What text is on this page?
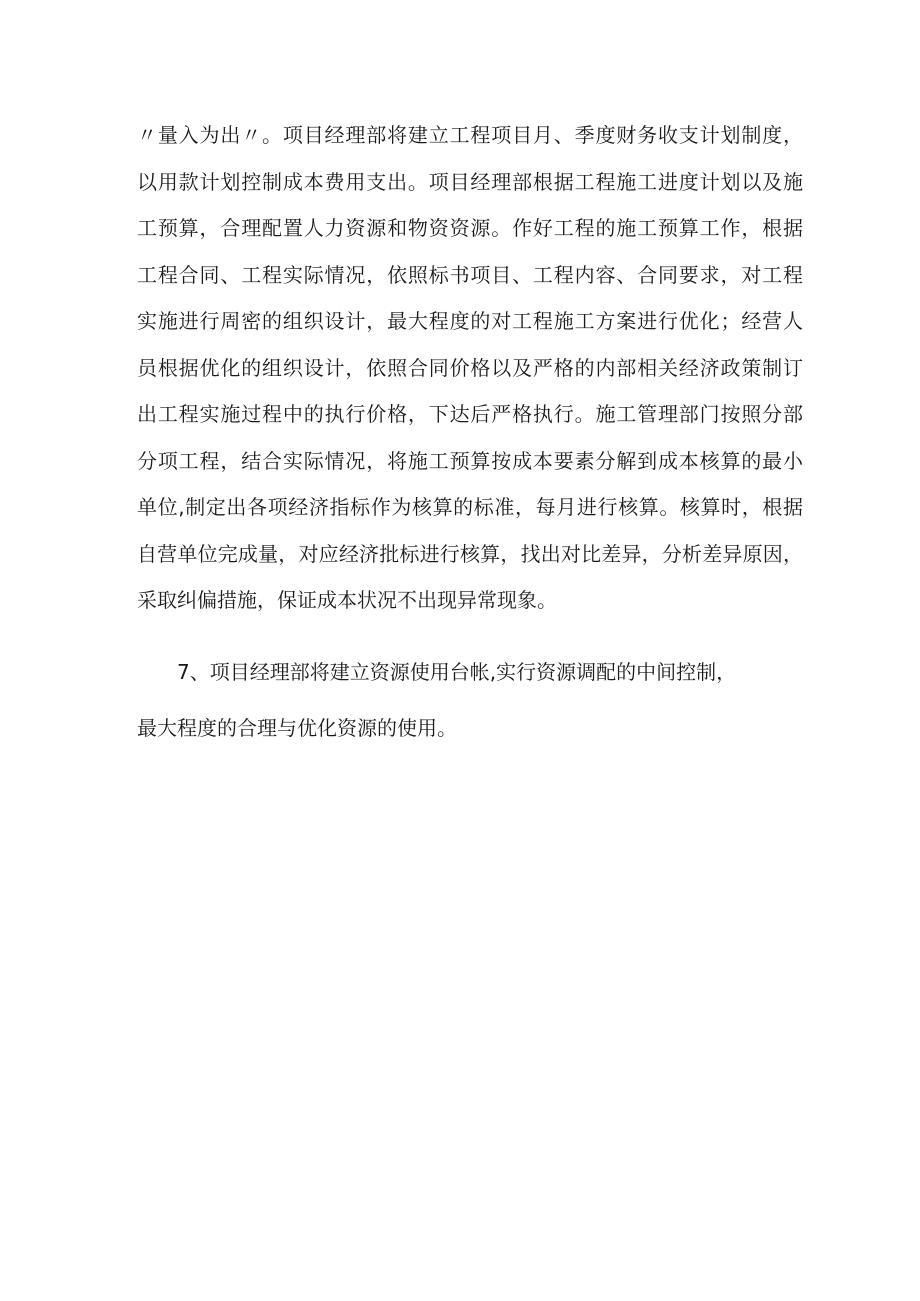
〃量入为出〃。项目经理部将建立工程项目月、季度财务收支计划制度，
以用款计划控制成本费用支出。项目经理部根据工程施工进度计划以及施
工预算，合理配置人力资源和物资资源。作好工程的施工预算工作，根据
工程合同、工程实际情况，依照标书项目、工程内容、合同要求，对工程
实施进行周密的组织设计，最大程度的对工程施工方案进行优化；经营人
员根据优化的组织设计，依照合同价格以及严格的内部相关经济政策制订
出工程实施过程中的执行价格，下达后严格执行。施工管理部门按照分部
分项工程，结合实际情况，将施工预算按成本要素分解到成本核算的最小
单位,制定出各项经济指标作为核算的标准，每月进行核算。核算时，根据
自营单位完成量，对应经济批标进行核算，找出对比差异，分析差异原因，
采取纠偏措施，保证成本状况不出现异常现象。
7、项目经理部将建立资源使用台帐,实行资源调配的中间控制，
最大程度的合理与优化资源的使用。
